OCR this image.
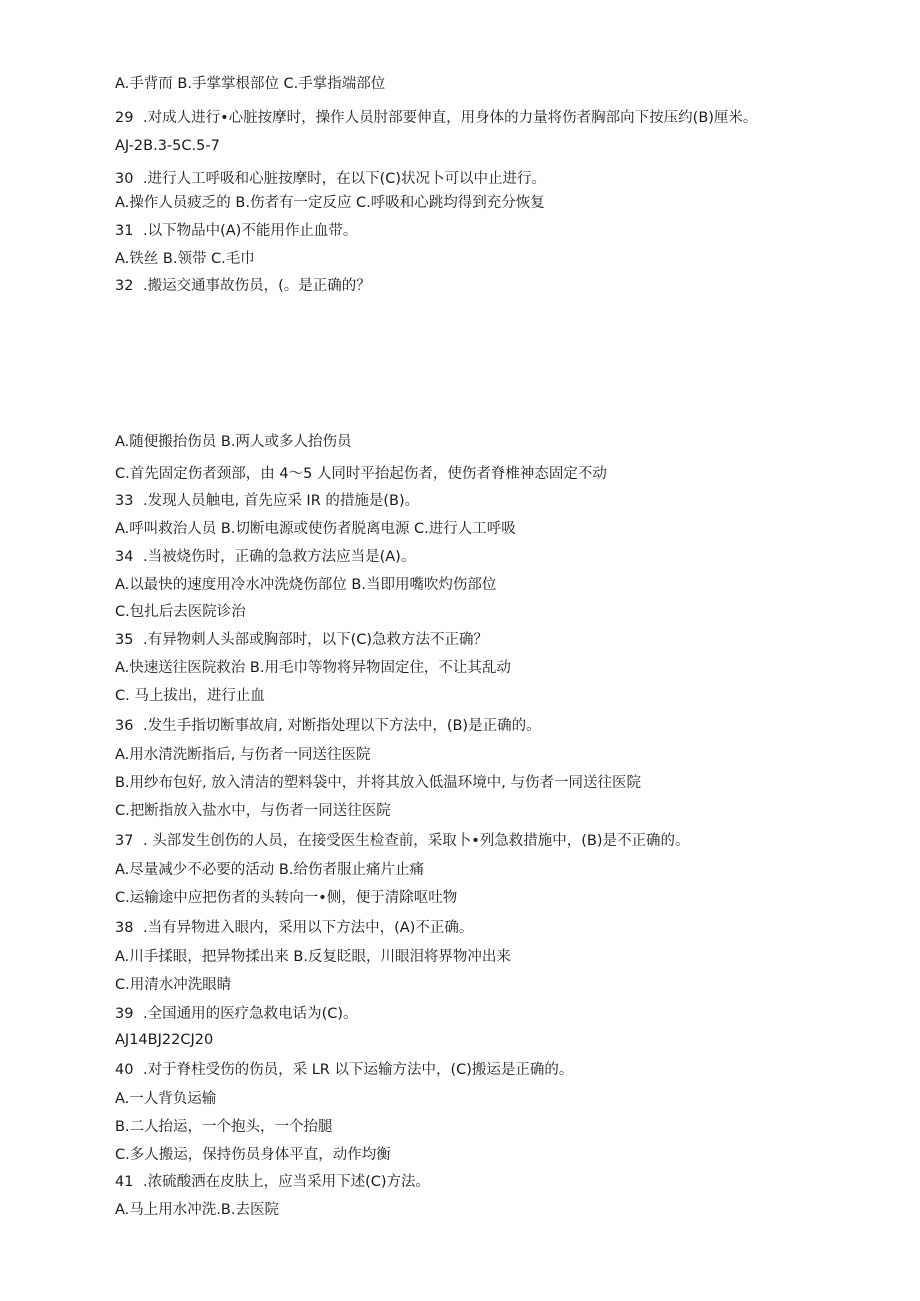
A.手背而 B.手掌掌根部位 C.手掌指端部位
29 .对成人进行•心脏按摩时，操作人员肘部要伸直，用身体的力量将伤者胸部向下按压约(B)厘米。
AJ-2B.3-5C.5-7
30 .进行人工呼吸和心脏按摩时，在以下(C)状况卜可以中止进行。
A.操作人员疲乏的 B.伤者有一定反应 C.呼吸和心跳均得到充分恢复
31 .以下物品中(A)不能用作止血带。
A.铁丝 B.领带 C.毛巾
32 .搬运交通事故伤员，(。是正确的？
A.随便搬抬伤员 B.两人或多人抬伤员
C.首先固定伤者颈部，由 4～5 人同时平抬起伤者，使伤者脊椎神态固定不动
33 .发现人员触电, 首先应采 IR 的措施是(B)。
A.呼叫救治人员 B.切断电源或使伤者脱离电源 C.进行人工呼吸
34 .当被烧伤时，正确的急救方法应当是(A)。
A.以最快的速度用冷水冲洗烧伤部位 B.当即用嘴吹灼伤部位
C.包扎后去医院诊治
35 .有异物刺人头部或胸部时，以下(C)急救方法不正确？
A.快速送往医院救治 B.用毛巾等物将异物固定住，不让其乱动
C. 马上拔出，进行止血
36 .发生手指切断事故肩, 对断指处理以下方法中，(B)是正确的。
A.用水清洗断指后, 与伤者一同送往医院
B.用纱布包好, 放入清洁的塑料袋中，并将其放入低温环境中, 与伤者一同送往医院
C.把断指放入盐水中，与伤者一同送往医院
37 . 头部发生创伤的人员，在接受医生检查前，采取卜•列急救措施中，(B)是不正确的。
A.尽量减少不必要的活动 B.给伤者服止痛片止痛
C.运输途中应把伤者的头转向一•侧，便于清除呕吐物
38 .当有异物进入眼内，采用以下方法中，(A)不正确。
A.川手揉眼，把异物揉出来 B.反复眨眼，川眼泪将界物冲出来
C.用清水冲洗眼睛
39 .全国通用的医疗急救电话为(C)。
AJ14BJ22CJ20
40 .对于脊柱受伤的伤员，采 LR 以下运输方法中，(C)搬运是正确的。
A.一人背负运输
B.二人抬运，一个抱头，一个抬腿
C.多人搬运，保持伤员身体平直，动作均衡
41 .浓硫酸洒在皮肤上，应当采用下述(C)方法。
A.马上用水冲洗.B.去医院
